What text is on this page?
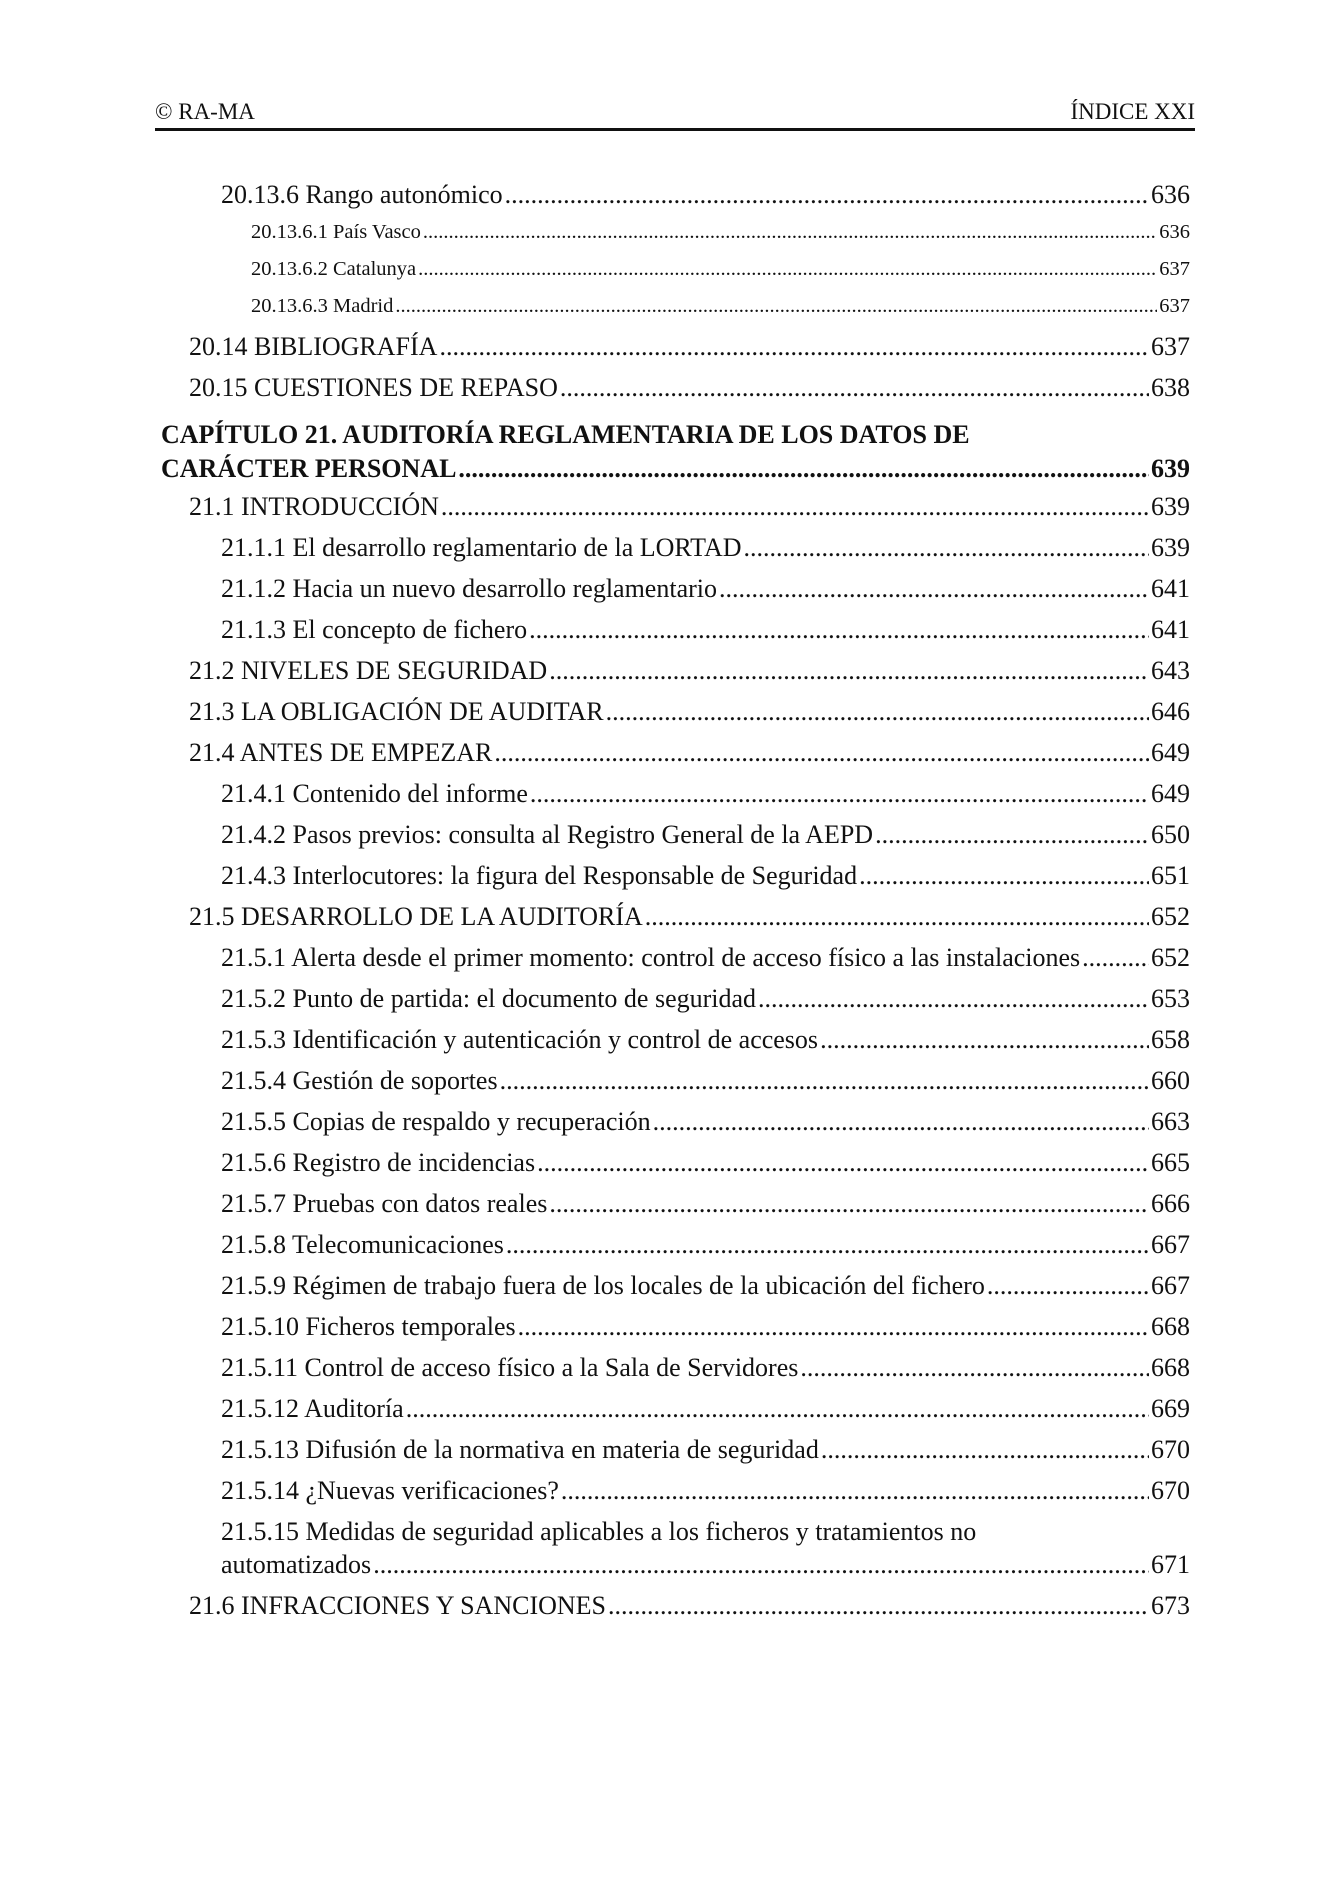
© RA-MA	ÍNDICE XXI
20.13.6 Rango autonómico .....	636
20.13.6.1 País Vasco .....	636
20.13.6.2 Catalunya .....	637
20.13.6.3 Madrid .....	637
20.14 BIBLIOGRAFÍA .....	637
20.15 CUESTIONES DE REPASO .....	638
CAPÍTULO 21. AUDITORÍA REGLAMENTARIA DE LOS DATOS DE
CARÁCTER PERSONAL .....	639
21.1 INTRODUCCIÓN .....	639
21.1.1 El desarrollo reglamentario de la LORTAD .....	639
21.1.2 Hacia un nuevo desarrollo reglamentario .....	641
21.1.3 El concepto de fichero .....	641
21.2 NIVELES DE SEGURIDAD .....	643
21.3 LA OBLIGACIÓN DE AUDITAR .....	646
21.4 ANTES DE EMPEZAR .....	649
21.4.1 Contenido del informe .....	649
21.4.2 Pasos previos: consulta al Registro General de la AEPD .....	650
21.4.3 Interlocutores: la figura del Responsable de Seguridad .....	651
21.5 DESARROLLO DE LA AUDITORÍA .....	652
21.5.1 Alerta desde el primer momento: control de acceso físico a las instalaciones .....	652
21.5.2 Punto de partida: el documento de seguridad .....	653
21.5.3 Identificación y autenticación y control de accesos .....	658
21.5.4 Gestión de soportes .....	660
21.5.5 Copias de respaldo y recuperación .....	663
21.5.6 Registro de incidencias .....	665
21.5.7 Pruebas con datos reales .....	666
21.5.8 Telecomunicaciones .....	667
21.5.9 Régimen de trabajo fuera de los locales de la ubicación del fichero .....	667
21.5.10 Ficheros temporales .....	668
21.5.11 Control de acceso físico a la Sala de Servidores .....	668
21.5.12 Auditoría .....	669
21.5.13 Difusión de la normativa en materia de seguridad .....	670
21.5.14 ¿Nuevas verificaciones? .....	670
21.5.15 Medidas de seguridad aplicables a los ficheros y tratamientos no
automatizados .....	671
21.6 INFRACCIONES Y SANCIONES .....	673
